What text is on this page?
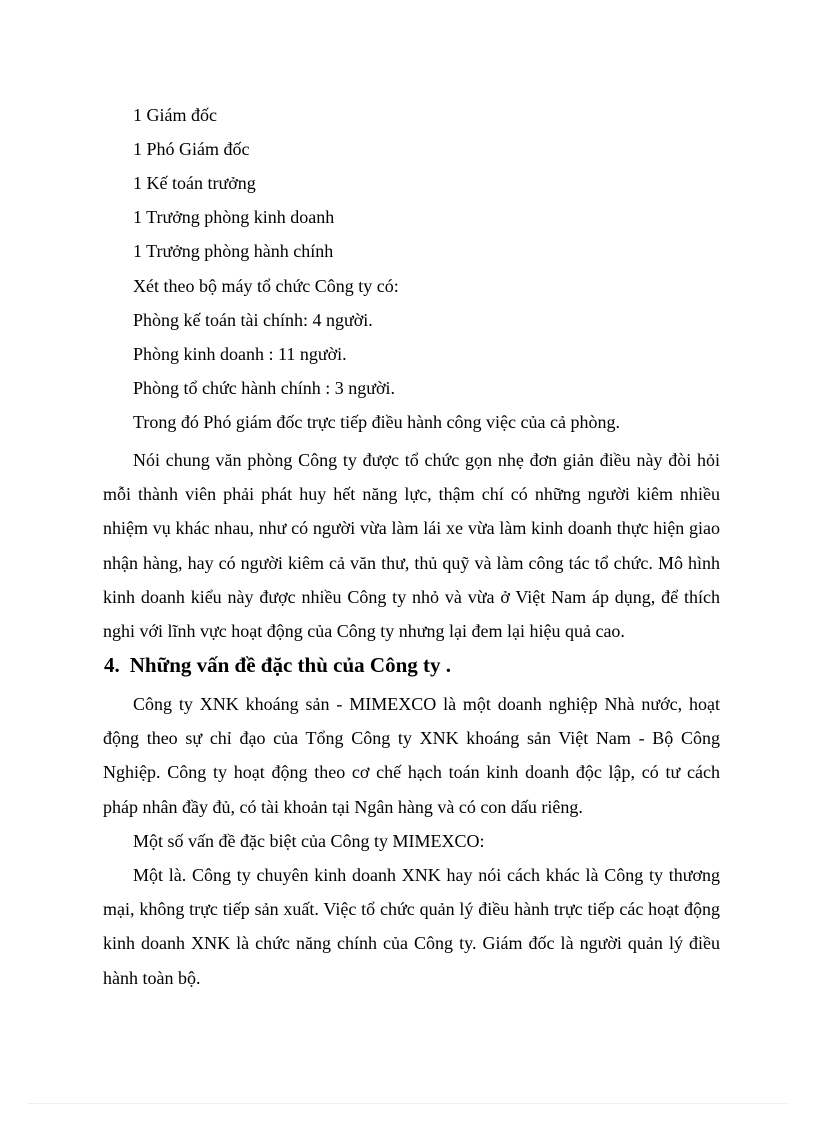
1 Giám đốc
1 Phó Giám đốc
1 Kế toán trưởng
1 Trưởng phòng kinh doanh
1 Trưởng phòng hành chính
Xét theo bộ máy tổ chức Công ty có:
Phòng kế toán tài chính: 4 người.
Phòng kinh doanh : 11 người.
Phòng tổ chức hành chính : 3 người.
Trong đó Phó giám đốc trực tiếp điều hành công việc của cả phòng.

Nói chung văn phòng Công ty được tổ chức gọn nhẹ đơn giản điều này đòi hỏi mỗi thành viên phải phát huy hết năng lực, thậm chí có những người kiêm nhiều nhiệm vụ khác nhau, như có người vừa làm lái xe vừa làm kinh doanh thực hiện giao nhận hàng, hay có người kiêm cả văn thư, thủ quỹ và làm công tác tổ chức. Mô hình kinh doanh kiểu này được nhiều Công ty nhỏ và vừa ở Việt Nam áp dụng, để thích nghi với lĩnh vực hoạt động của Công ty nhưng lại đem lại hiệu quả cao.

4. Những vấn đề đặc thù của Công ty .

Công ty XNK khoáng sản - MIMEXCO là một doanh nghiệp Nhà nước, hoạt động theo sự chỉ đạo của Tổng Công ty XNK khoáng sản Việt Nam - Bộ Công Nghiệp. Công ty hoạt động theo cơ chế hạch toán kinh doanh độc lập, có tư cách pháp nhân đầy đủ, có tài khoản tại Ngân hàng và có con dấu riêng.

Một số vấn đề đặc biệt của Công ty MIMEXCO:

Một là. Công ty chuyên kinh doanh XNK hay nói cách khác là Công ty thương mại, không trực tiếp sản xuất. Việc tổ chức quản lý điều hành trực tiếp các hoạt động kinh doanh XNK là chức năng chính của Công ty. Giám đốc là người quản lý điều hành toàn bộ.
